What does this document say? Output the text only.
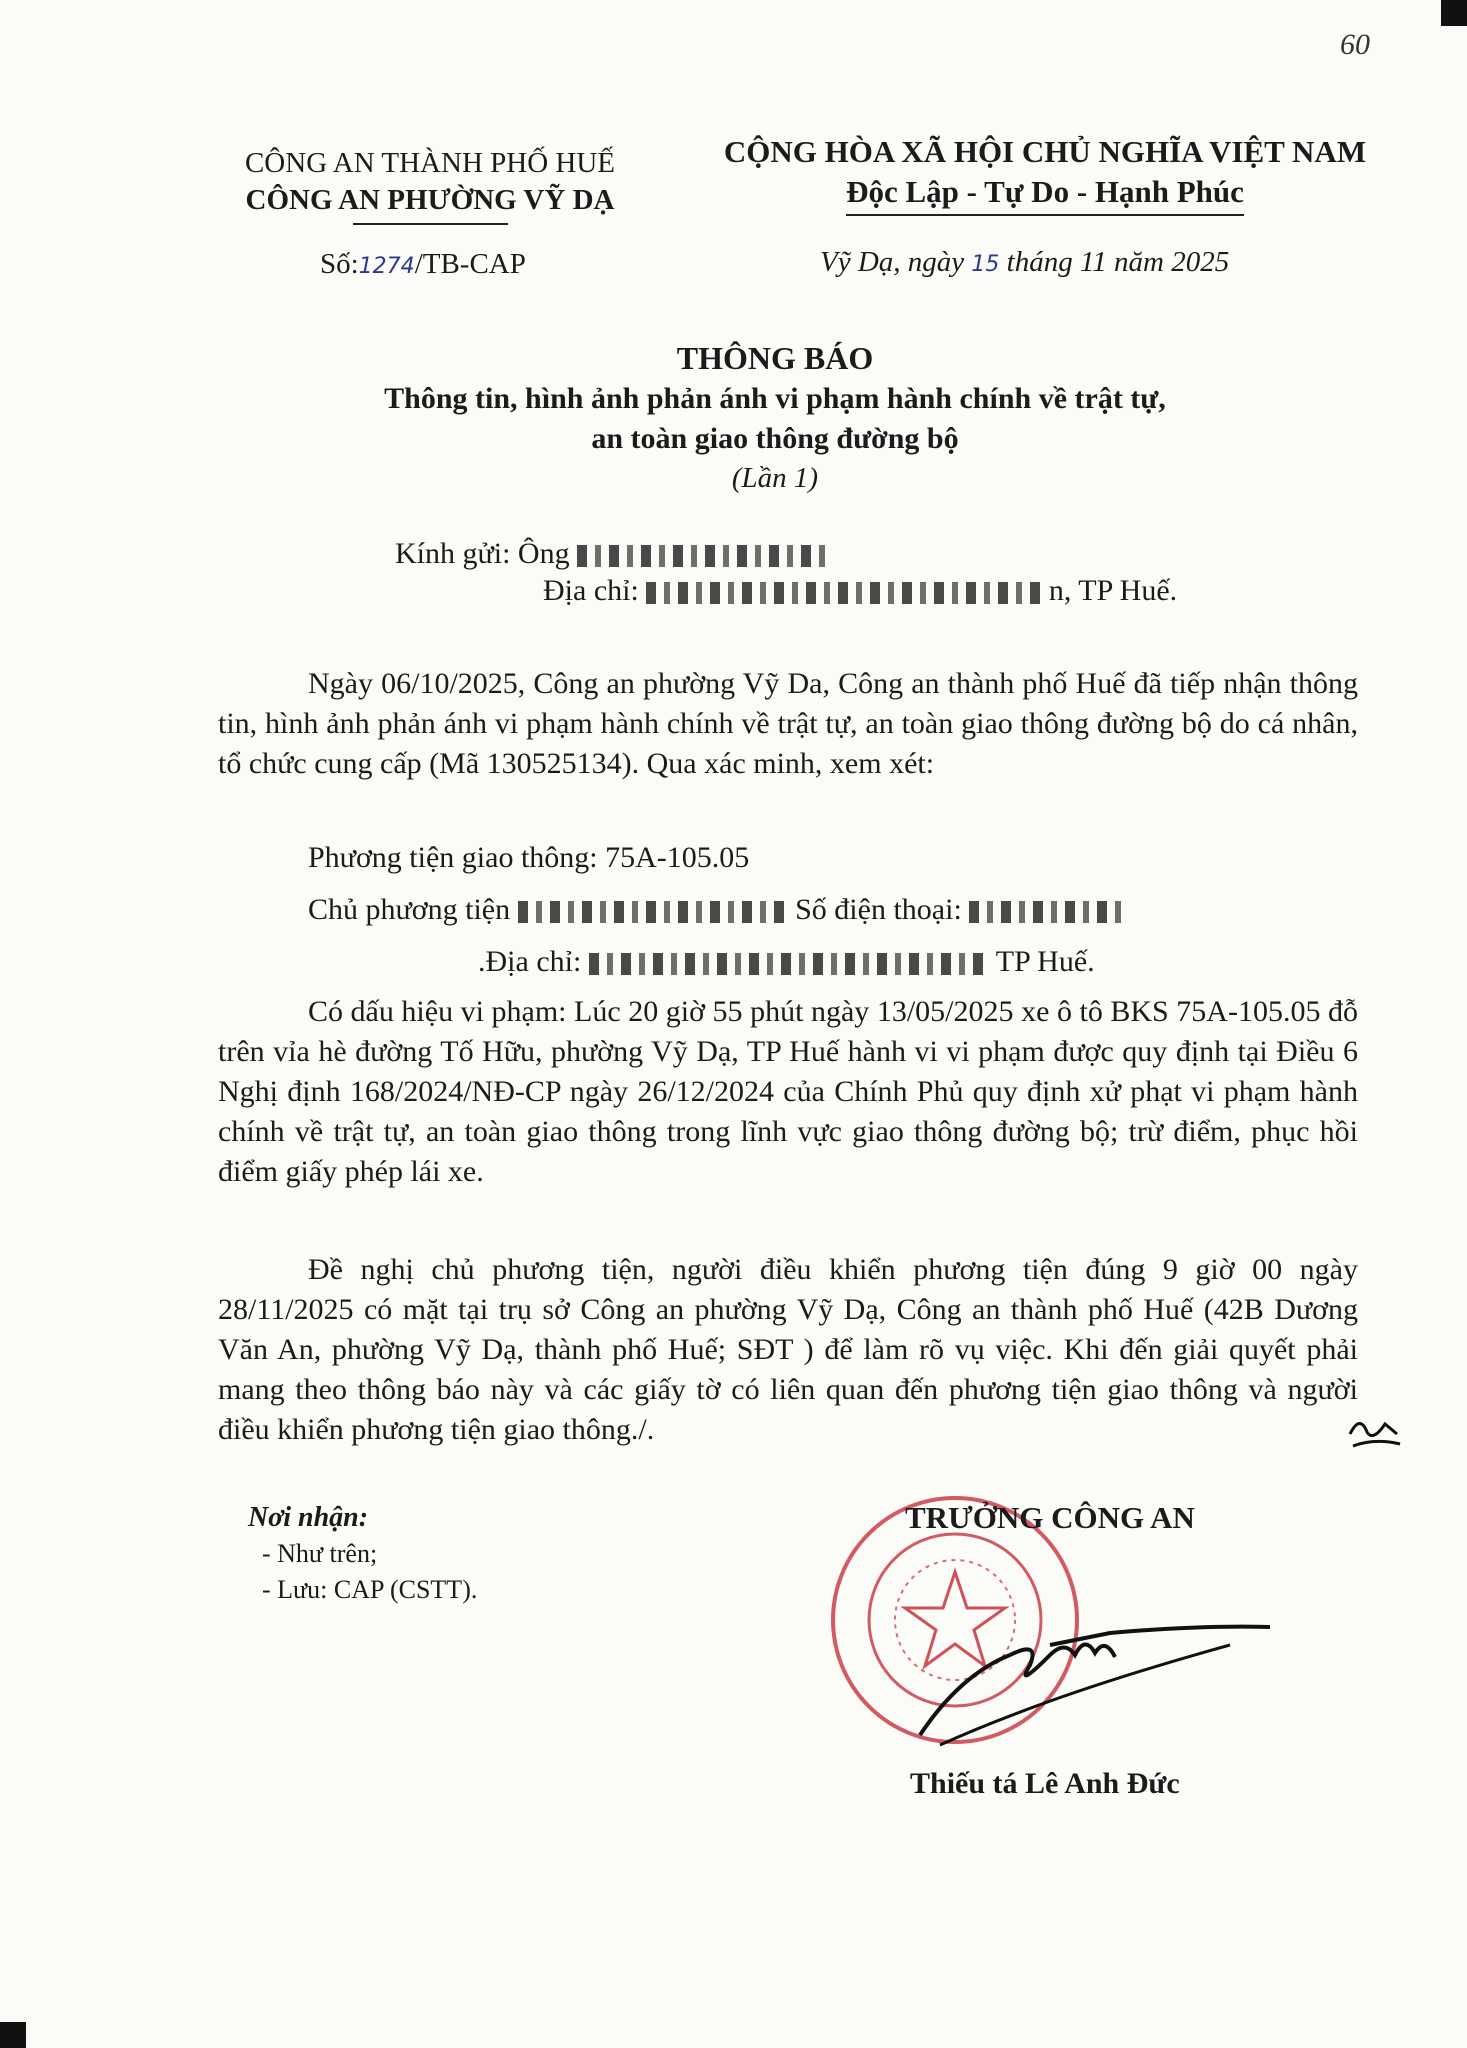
60
CÔNG AN THÀNH PHỐ HUẾ
CÔNG AN PHƯỜNG VỸ DẠ
CỘNG HÒA XÃ HỘI CHỦ NGHĨA VIỆT NAM
Độc Lập - Tự Do - Hạnh Phúc
Số:1274/TB-CAP	Vỹ Dạ, ngày 15 tháng 11 năm 2025
THÔNG BÁO
Thông tin, hình ảnh phản ánh vi phạm hành chính về trật tự,
an toàn giao thông đường bộ
(Lần 1)
Kính gửi: Ông
Địa chỉ:	n, TP Huế.
Ngày 06/10/2025, Công an phường Vỹ Da, Công an thành phố Huế đã tiếp nhận thông tin, hình ảnh phản ánh vi phạm hành chính về trật tự, an toàn giao thông đường bộ do cá nhân, tổ chức cung cấp (Mã 130525134). Qua xác minh, xem xét:
Phương tiện giao thông: 75A-105.05
Chủ phương tiện	Số điện thoại:
.Địa chỉ:	TP Huế.
Có dấu hiệu vi phạm: Lúc 20 giờ 55 phút ngày 13/05/2025 xe ô tô BKS 75A-105.05 đỗ trên vỉa hè đường Tố Hữu, phường Vỹ Dạ, TP Huế hành vi vi phạm được quy định tại Điều 6 Nghị định 168/2024/NĐ-CP ngày 26/12/2024 của Chính Phủ quy định xử phạt vi phạm hành chính về trật tự, an toàn giao thông trong lĩnh vực giao thông đường bộ; trừ điểm, phục hồi điểm giấy phép lái xe.
Đề nghị chủ phương tiện, người điều khiển phương tiện đúng 9 giờ 00 ngày 28/11/2025 có mặt tại trụ sở Công an phường Vỹ Dạ, Công an thành phố Huế (42B Dương Văn An, phường Vỹ Dạ, thành phố Huế; SĐT ) để làm rõ vụ việc. Khi đến giải quyết phải mang theo thông báo này và các giấy tờ có liên quan đến phương tiện giao thông và người điều khiển phương tiện giao thông./.
Nơi nhận:
- Như trên;
- Lưu: CAP (CSTT).
TRƯỞNG CÔNG AN
Thiếu tá Lê Anh Đức
